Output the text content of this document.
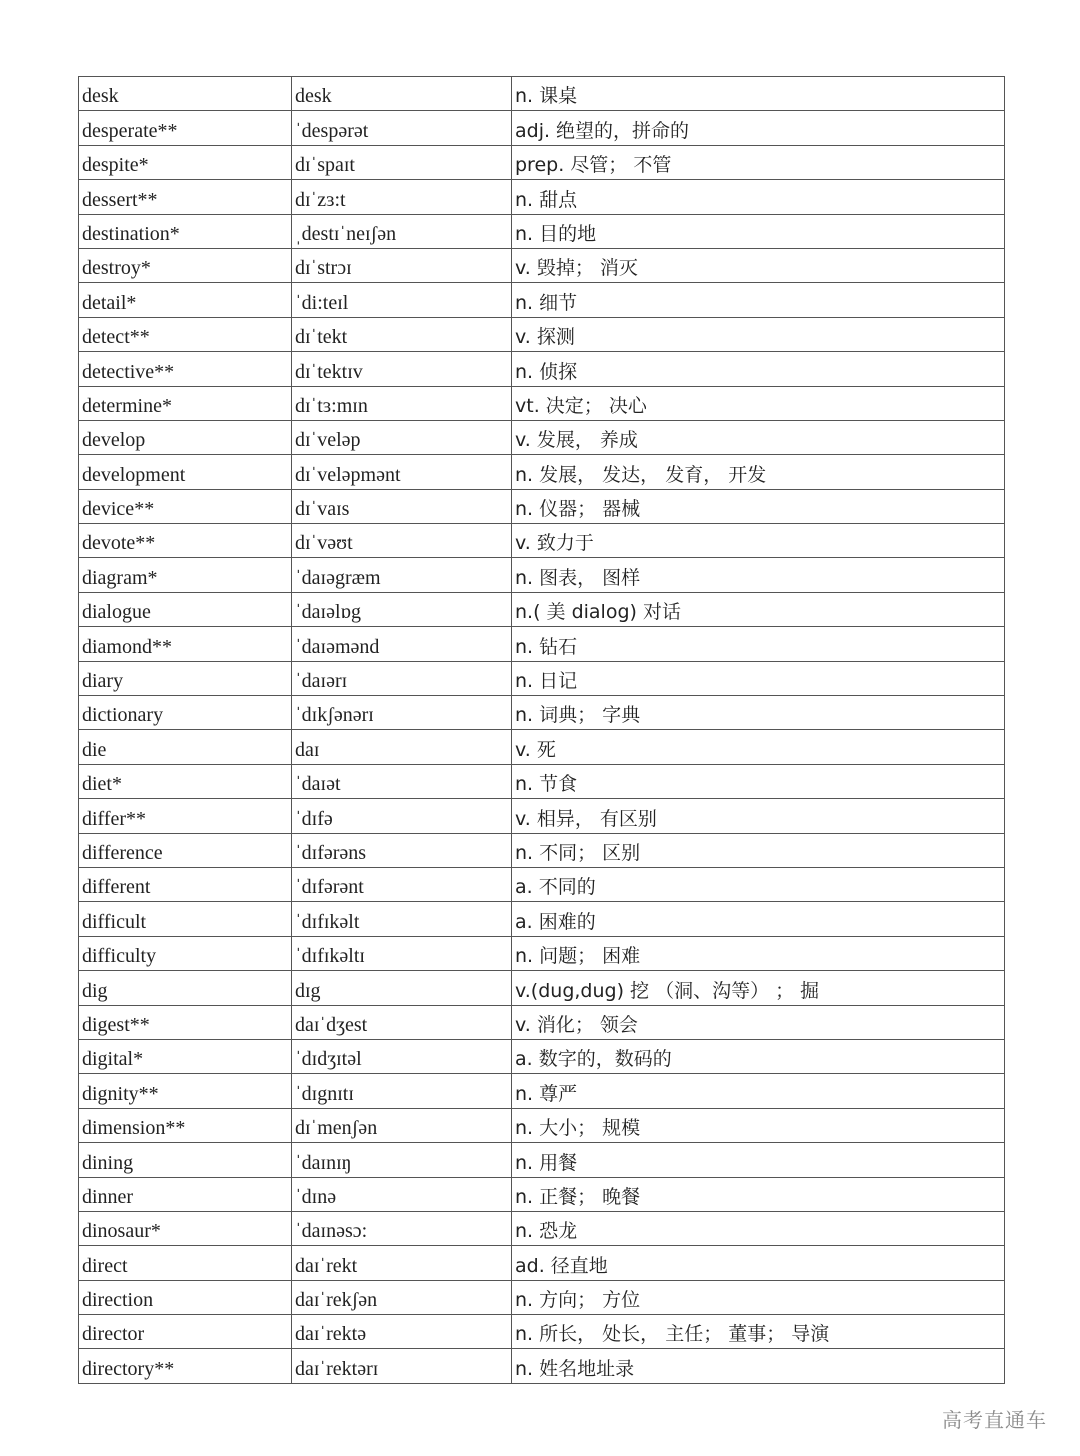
desk	desk	n. 课桌
desperate**	ˈdespərət	adj. 绝望的，拼命的
despite*	dɪˈspaɪt	prep. 尽管； 不管
dessert**	dɪˈzɜ:t	n. 甜点
destination*	ˌdestɪˈneɪʃən	n. 目的地
destroy*	dɪˈstrɔɪ	v. 毁掉； 消灭
detail*	ˈdi:teɪl	n. 细节
detect**	dɪˈtekt	v. 探测
detective**	dɪˈtektɪv	n. 侦探
determine*	dɪˈtɜ:mɪn	vt. 决定； 决心
develop	dɪˈveləp	v. 发展， 养成
development	dɪˈveləpmənt	n. 发展， 发达， 发育， 开发
device**	dɪˈvaɪs	n. 仪器； 器械
devote**	dɪˈvəʊt	v. 致力于
diagram*	ˈdaɪəgræm	n. 图表， 图样
dialogue	ˈdaɪəlɒg	n.( 美 dialog) 对话
diamond**	ˈdaɪəmənd	n. 钻石
diary	ˈdaɪərɪ	n. 日记
dictionary	ˈdɪkʃənərɪ	n. 词典； 字典
die	daɪ	v. 死
diet*	ˈdaɪət	n. 节食
differ**	ˈdɪfə	v. 相异， 有区别
difference	ˈdɪfərəns	n. 不同； 区别
different	ˈdɪfərənt	a. 不同的
difficult	ˈdɪfɪkəlt	a. 困难的
difficulty	ˈdɪfɪkəltɪ	n. 问题； 困难
dig	dɪg	v.(dug,dug) 挖 （洞、沟等） ； 掘
digest**	daɪˈdʒest	v. 消化； 领会
digital*	ˈdɪdʒɪtəl	a. 数字的，数码的
dignity**	ˈdɪgnɪtɪ	n. 尊严
dimension**	dɪˈmenʃən	n. 大小； 规模
dining	ˈdaɪnɪŋ	n. 用餐
dinner	ˈdɪnə	n. 正餐； 晚餐
dinosaur*	ˈdaɪnəsɔ:	n. 恐龙
direct	daɪˈrekt	ad. 径直地
direction	daɪˈrekʃən	n. 方向； 方位
director	daɪˈrektə	n. 所长， 处长， 主任； 董事； 导演
directory**	daɪˈrektərɪ	n. 姓名地址录
高考直通车
